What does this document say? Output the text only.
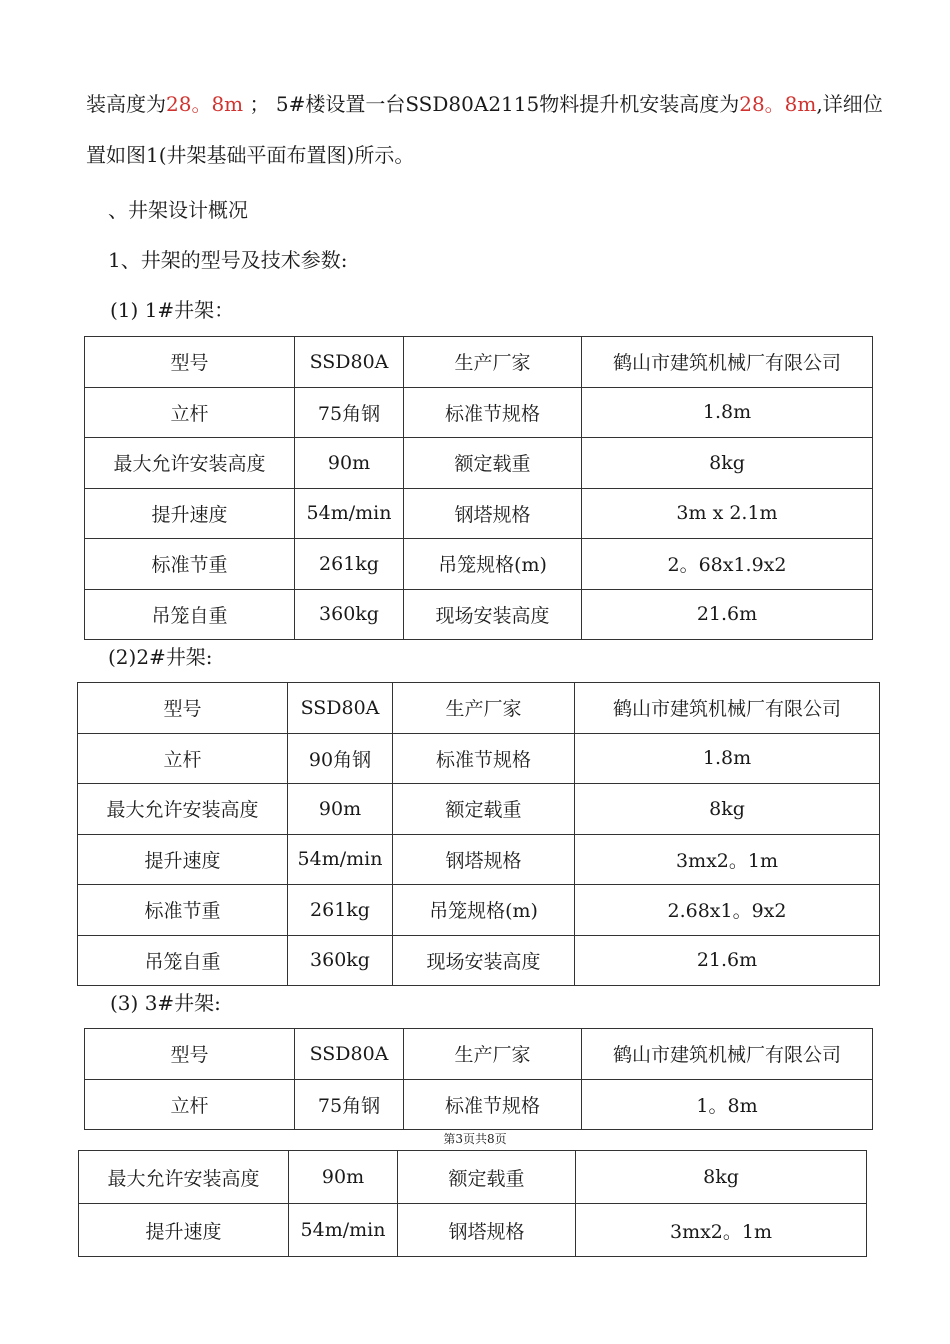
装高度为28。8m ； 5#楼设置一台SSD80A2115物料提升机安装高度为28。8m,详细位
置如图1(井架基础平面布置图)所示。
、井架设计概况
1、井架的型号及技术参数:
(1) 1#井架：
型号	SSD80A	生产厂家	鹤山市建筑机械厂有限公司
立杆	75角钢	标准节规格	1.8m
最大允许安装高度	90m	额定载重	8kg
提升速度	54m/min	钢塔规格	3m x 2.1m
标准节重	261kg	吊笼规格(m)	2。68x1.9x2
吊笼自重	360kg	现场安装高度	21.6m
(2)2#井架:
型号	SSD80A	生产厂家	鹤山市建筑机械厂有限公司
立杆	90角钢	标准节规格	1.8m
最大允许安装高度	90m	额定载重	8kg
提升速度	54m/min	钢塔规格	3mx2。1m
标准节重	261kg	吊笼规格(m)	2.68x1。9x2
吊笼自重	360kg	现场安装高度	21.6m
(3) 3#井架:
型号	SSD80A	生产厂家	鹤山市建筑机械厂有限公司
立杆	75角钢	标准节规格	1。8m
第3页共8页
最大允许安装高度	90m	额定载重	8kg
提升速度	54m/min	钢塔规格	3mx2。1m
